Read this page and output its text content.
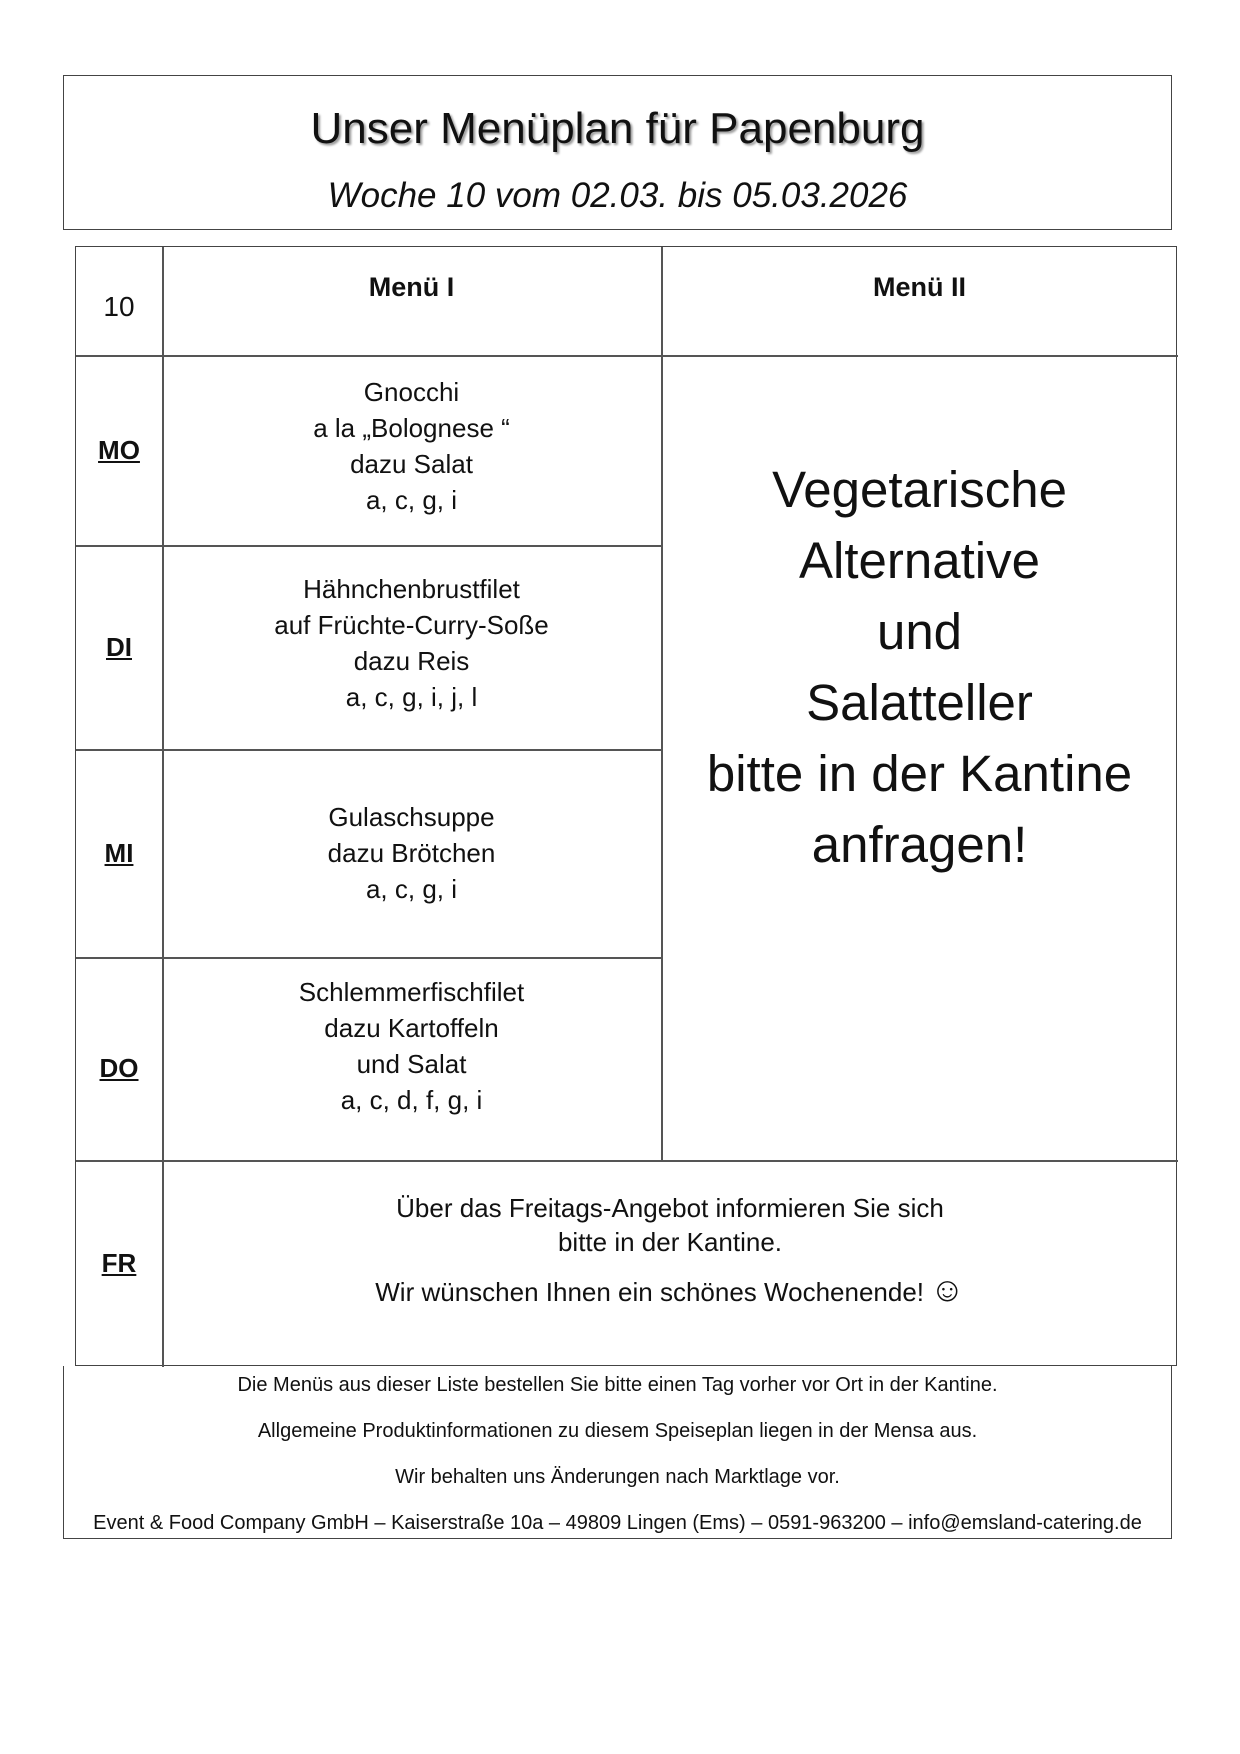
Unser Menüplan für Papenburg
Woche 10 vom 02.03. bis 05.03.2026
10
Menü I	Menü II
MO
DI
MI
DO
FR
Gnocchi
a la „Bolognese “
dazu Salat
a, c, g, i
Hähnchenbrustfilet
auf Früchte-Curry-Soße
dazu Reis
a, c, g, i, j, l
Gulaschsuppe
dazu Brötchen
a, c, g, i
Schlemmerfischfilet
dazu Kartoffeln
und Salat
a, c, d, f, g, i
Vegetarische
Alternative
und
Salatteller
bitte in der Kantine
anfragen!
Über das Freitags-Angebot informieren Sie sich
bitte in der Kantine.
Wir wünschen Ihnen ein schönes Wochenende! ☺
Die Menüs aus dieser Liste bestellen Sie bitte einen Tag vorher vor Ort in der Kantine.
Allgemeine Produktinformationen zu diesem Speiseplan liegen in der Mensa aus.
Wir behalten uns Änderungen nach Marktlage vor.
Event & Food Company GmbH – Kaiserstraße 10a – 49809 Lingen (Ems) – 0591-963200 – info@emsland-catering.de
